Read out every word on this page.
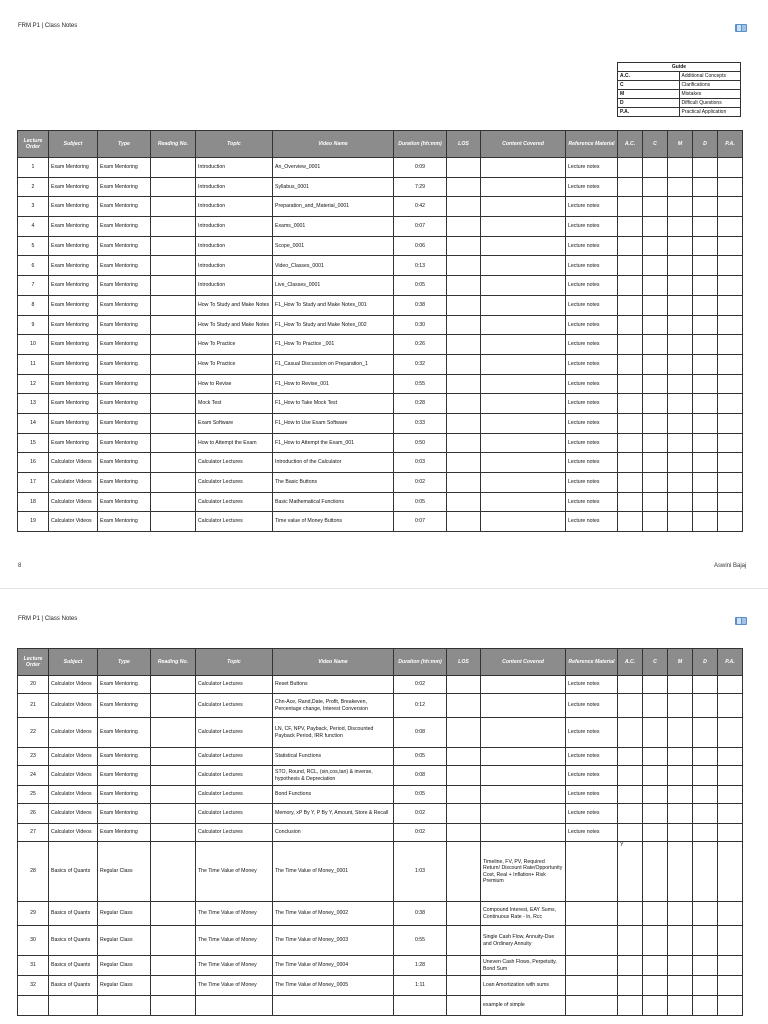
FRM P1 | Class Notes
Guide	
A.C.	Additional Concepts
C	Clarifications
M	Mistakes
D	Difficult Questions
P.A.	Practical Application
Lecture Order	Subject	Type	Reading No.	Topic	Video Name	Duration (hh:mm)	LOS	Content Covered	Reference Material	A.C.	C	M	D	P.A.
1	Exam Mentoring	Exam Mentoring		Introduction	An_Overview_0001	0:09			Lecture notes					
2	Exam Mentoring	Exam Mentoring		Introduction	Syllabus_0001	7:29			Lecture notes					
3	Exam Mentoring	Exam Mentoring		Introduction	Preparation_and_Material_0001	0:42			Lecture notes					
4	Exam Mentoring	Exam Mentoring		Introduction	Exams_0001	0:07			Lecture notes					
5	Exam Mentoring	Exam Mentoring		Introduction	Scope_0001	0:06			Lecture notes					
6	Exam Mentoring	Exam Mentoring		Introduction	Video_Classes_0001	0:13			Lecture notes					
7	Exam Mentoring	Exam Mentoring		Introduction	Live_Classes_0001	0:05			Lecture notes					
8	Exam Mentoring	Exam Mentoring		How To Study and Make Notes	F1_How To Study and Make Notes_001	0:38			Lecture notes					
9	Exam Mentoring	Exam Mentoring		How To Study and Make Notes	F1_How To Study and Make Notes_002	0:30			Lecture notes					
10	Exam Mentoring	Exam Mentoring		How To Practice	F1_How To Practice _001	0:26			Lecture notes					
11	Exam Mentoring	Exam Mentoring		How To Practice	F1_Casual Discussion on Preparation_1	0:32			Lecture notes					
12	Exam Mentoring	Exam Mentoring		How to Revise	F1_How to Revise_001	0:55			Lecture notes					
13	Exam Mentoring	Exam Mentoring		Mock Test	F1_How to Take Mock Test	0:28			Lecture notes					
14	Exam Mentoring	Exam Mentoring		Exam Software	F1_How to Use Exam Software	0:33			Lecture notes					
15	Exam Mentoring	Exam Mentoring		How to Attempt the Exam	F1_How to Attempt the Exam_001	0:50			Lecture notes					
16	Calculator Videos	Exam Mentoring		Calculator Lectures	Introduction of the Calculator	0:03			Lecture notes					
17	Calculator Videos	Exam Mentoring		Calculator Lectures	The Basic Buttons	0:02			Lecture notes					
18	Calculator Videos	Exam Mentoring		Calculator Lectures	Basic Mathematical Functions	0:05			Lecture notes					
19	Calculator Videos	Exam Mentoring		Calculator Lectures	Time value of Money Buttons	0:07			Lecture notes					
8	Aswini Bajaj
FRM P1 | Class Notes
Lecture Order	Subject	Type	Reading No.	Topic	Video Name	Duration (hh:mm)	LOS	Content Covered	Reference Material	A.C.	C	M	D	P.A.
20	Calculator Videos	Exam Mentoring		Calculator Lectures	Reset Buttons	0:02			Lecture notes					
21	Calculator Videos	Exam Mentoring		Calculator Lectures	Chn-Ace, Rand,Date, Profit, Breakeven, Percentage change, Interest Conversion	0:12			Lecture notes					
22	Calculator Videos	Exam Mentoring		Calculator Lectures	LN, CF, NPV, Payback, Period, Discounted Payback Period, IRR function	0:08			Lecture notes					
23	Calculator Videos	Exam Mentoring		Calculator Lectures	Statistical Functions	0:05			Lecture notes					
24	Calculator Videos	Exam Mentoring		Calculator Lectures	STO, Round, RCL, (sin,cos,tan) & inverse, hypothesis & Depreciation	0:08			Lecture notes					
25	Calculator Videos	Exam Mentoring		Calculator Lectures	Bond Functions	0:05			Lecture notes					
26	Calculator Videos	Exam Mentoring		Calculator Lectures	Memory, xP By Y, P By Y, Amount, Store & Recall	0:02			Lecture notes					
27	Calculator Videos	Exam Mentoring		Calculator Lectures	Conclusion	0:02			Lecture notes					
28	Basics of Quants	Regular Class		The Time Value of Money	The Time Value of Money_0001	1:03		Timeline, FV, PV, Required Return/ Discount Rate/Opportunity Cost, Real + Inflation+ Risk Premium		Y				
29	Basics of Quants	Regular Class		The Time Value of Money	The Time Value of Money_0002	0:38		Compound Interest, EAY Sums, Continuous Rate - ln, Rcc						
30	Basics of Quants	Regular Class		The Time Value of Money	The Time Value of Money_0003	0:55		Single Cash Flow, Annuity-Due and Ordinary Annuity						
31	Basics of Quants	Regular Class		The Time Value of Money	The Time Value of Money_0004	1:28		Uneven Cash Flows, Perpetuity, Bond Sum						
32	Basics of Quants	Regular Class		The Time Value of Money	The Time Value of Money_0005	1:11		Loan Amortization with sums						
								example of simple						
